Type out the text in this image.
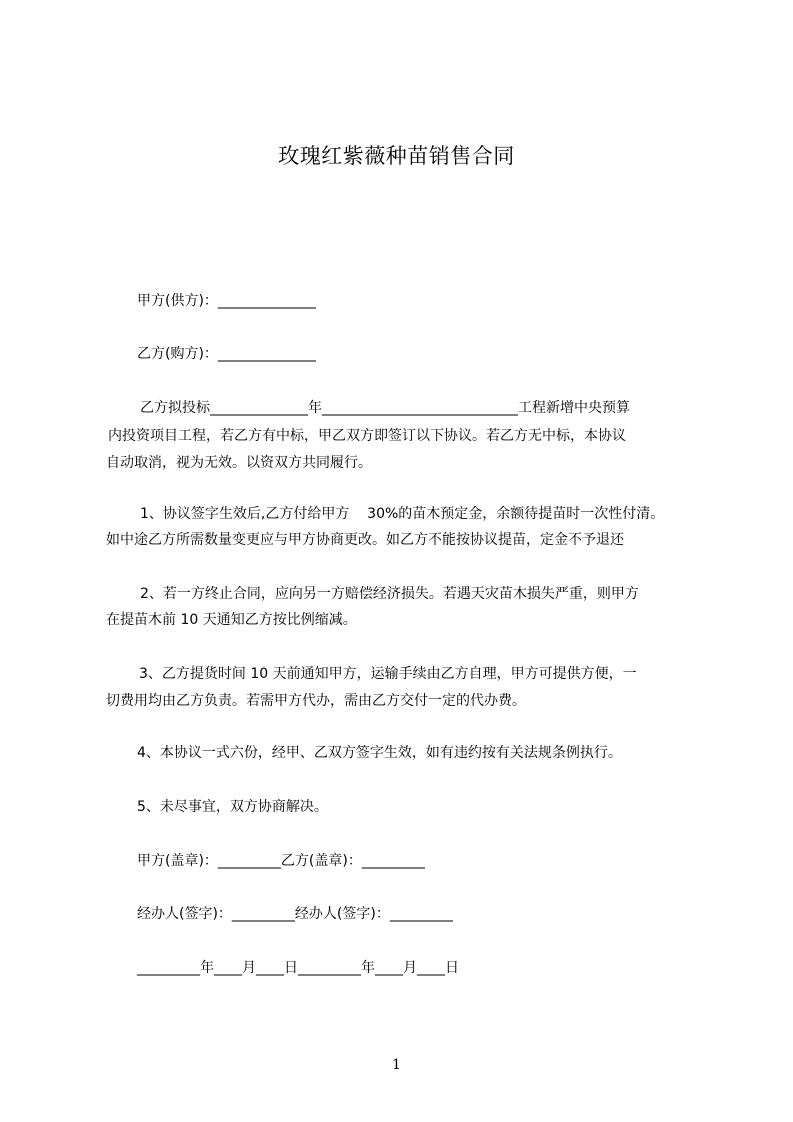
玫瑰红紫薇种苗销售合同
甲方(供方)：______________
乙方(购方)：______________
乙方拟投标______________年____________________________工程新增中央预算
内投资项目工程，若乙方有中标，甲乙双方即签订以下协议。若乙方无中标，本协议
自动取消，视为无效。以资双方共同履行。
1、协议签字生效后,乙方付给甲方    30%的苗木预定金，余额待提苗时一次性付清。
如中途乙方所需数量变更应与甲方协商更改。如乙方不能按协议提苗，定金不予退还
2、若一方终止合同，应向另一方赔偿经济损失。若遇天灾苗木损失严重，则甲方
在提苗木前 10 天通知乙方按比例缩减。
3、乙方提货时间 10 天前通知甲方，运输手续由乙方自理，甲方可提供方便，一
切费用均由乙方负责。若需甲方代办，需由乙方交付一定的代办费。
4、本协议一式六份，经甲、乙双方签字生效，如有违约按有关法规条例执行。
5、未尽事宜，双方协商解决。
甲方(盖章)：_________乙方(盖章)：_________
经办人(签字)：_________经办人(签字)：_________
_________年____月____日_________年____月____日
1
